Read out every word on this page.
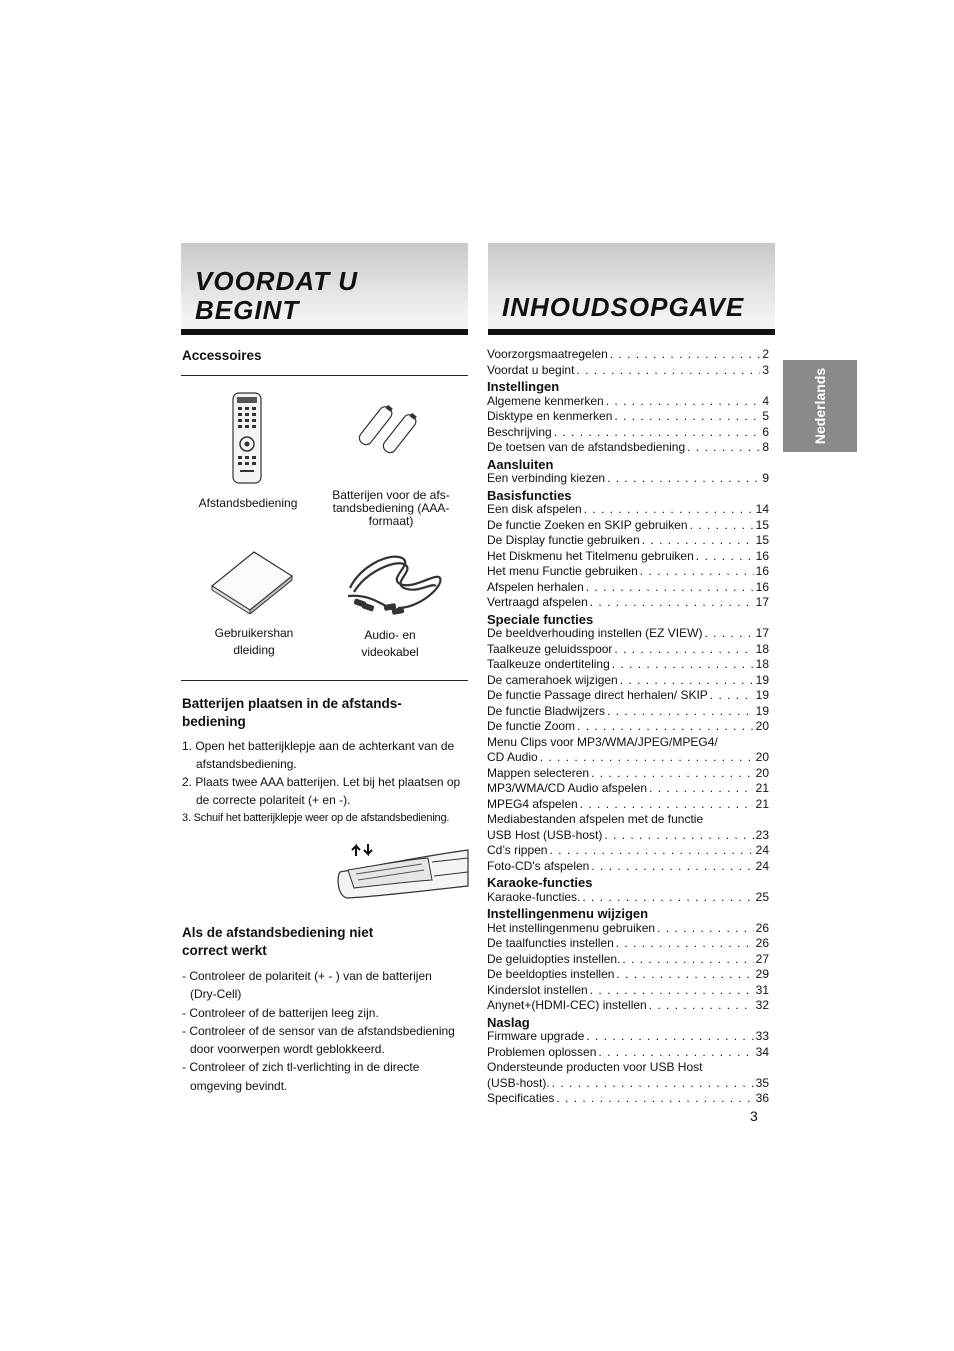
VOORDAT U
BEGINT	INHOUDSOPGAVE
Accessoires
Afstandsbediening
Batterijen voor de afs-
tandsbediening (AAA-
formaat)
Gebruikershan
dleiding
Audio- en
videokabel
Batterijen plaatsen in de afstands-
bediening
1. Open het batterijklepje aan de achterkant van de
afstandsbediening.
2. Plaats twee AAA batterijen. Let bij het plaatsen op
de correcte polariteit (+ en -).
3. Schuif het batterijklepje weer op de afstandsbediening.
Als de afstandsbediening niet
correct werkt
- Controleer de polariteit (+ - ) van de batterijen
(Dry-Cell)
- Controleer of de batterijen leeg zijn.
- Controleer of de sensor van de afstandsbediening
door voorwerpen wordt geblokkeerd.
- Controleer of zich tl-verlichting in de directe
omgeving bevindt.
Nederlands
Voorzorgsmaatregelen . . .	2
Voordat u begint . . .	3
Instellingen
Algemene kenmerken . . .	4
Disktype en kenmerken . . .	5
Beschrijving . . .	6
De toetsen van de afstandsbediening . . .	8
Aansluiten
Een verbinding kiezen . . .	9
Basisfuncties
Een disk afspelen . . .	14
De functie Zoeken en SKIP gebruiken . . .	15
De Display functie gebruiken . . .	15
Het Diskmenu het Titelmenu gebruiken . . .	16
Het menu Functie gebruiken . . .	16
Afspelen herhalen . . .	16
Vertraagd afspelen . . .	17
Speciale functies
De beeldverhouding instellen (EZ VIEW) . . .	17
Taalkeuze geluidsspoor . . .	18
Taalkeuze ondertiteling . . .	18
De camerahoek wijzigen . . .	19
De functie Passage direct herhalen/ SKIP . . .	19
De functie Bladwijzers . . .	19
De functie Zoom . . .	20
Menu Clips voor MP3/WMA/JPEG/MPEG4/
CD Audio . . .	20
Mappen selecteren . . .	20
MP3/WMA/CD Audio afspelen . . .	21
MPEG4 afspelen . . .	21
Mediabestanden afspelen met de functie
USB Host (USB-host) . . .	23
Cd’s rippen . . .	24
Foto-CD's afspelen . . .	24
Karaoke-functies
Karaoke-functies. . . .	25
Instellingenmenu wijzigen
Het instellingenmenu gebruiken . . .	26
De taalfuncties instellen . . .	26
De geluidopties instellen. . . .	27
De beeldopties instellen . . .	29
Kinderslot instellen . . .	31
Anynet+(HDMI-CEC) instellen . . .	32
Naslag
Firmware upgrade . . .	33
Problemen oplossen . . .	34
Ondersteunde producten voor USB Host
(USB-host). . . .	35
Specificaties . . .	36
3
